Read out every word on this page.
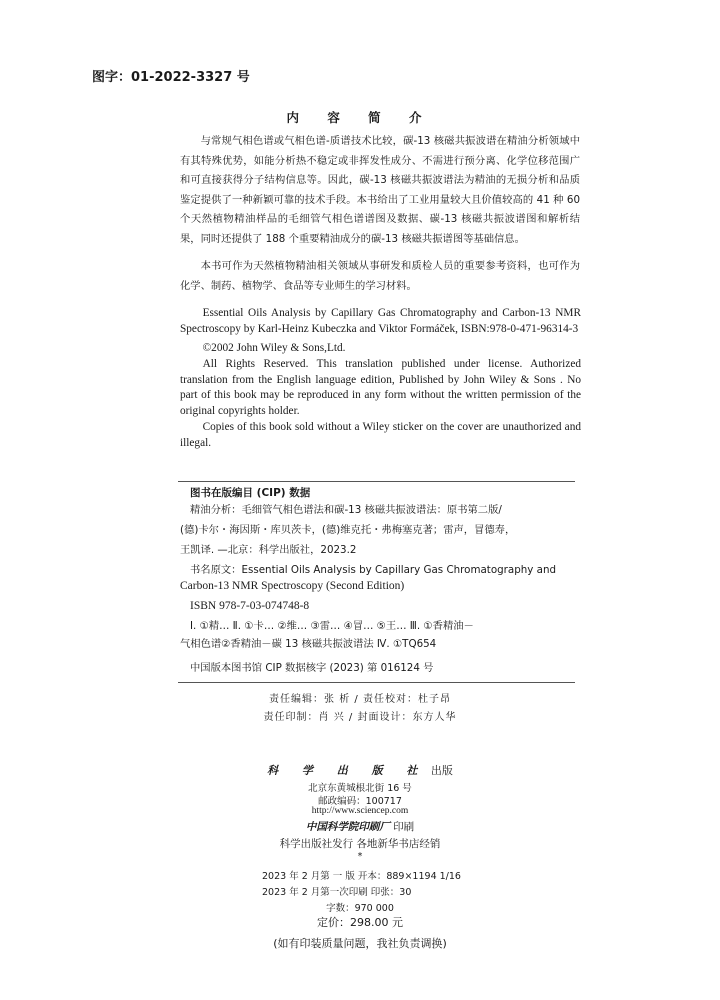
图字：01-2022-3327 号
内 容 简 介

与常规气相色谱或气相色谱-质谱技术比较，碳-13 核磁共振波谱在精油分析领域中有其特殊优势，如能分析热不稳定或非挥发性成分、不需进行预分离、化学位移范围广和可直接获得分子结构信息等。因此，碳-13 核磁共振波谱法为精油的无损分析和品质鉴定提供了一种新颖可靠的技术手段。本书给出了工业用量较大且价值较高的 41 种 60 个天然植物精油样品的毛细管气相色谱谱图及数据、碳-13 核磁共振波谱图和解析结果，同时还提供了 188 个重要精油成分的碳-13 核磁共振谱图等基础信息。

本书可作为天然植物精油相关领域从事研发和质检人员的重要参考资料，也可作为化学、制药、植物学、食品等专业师生的学习材料。

Essential Oils Analysis by Capillary Gas Chromatography and Carbon-13 NMR Spectroscopy by Karl-Heinz Kubeczka and Viktor Formáček, ISBN:978-0-471-96314-3

©2002 John Wiley & Sons,Ltd.

All Rights Reserved. This translation published under license. Authorized translation from the English language edition, Published by John Wiley & Sons . No part of this book may be reproduced in any form without the written permission of the original copyrights holder.

Copies of this book sold without a Wiley sticker on the cover are unauthorized and illegal.

图书在版编目 (CIP) 数据

精油分析：毛细管气相色谱法和碳-13 核磁共振波谱法：原书第二版/

(德)卡尔・海因斯・库贝茨卡，(德)维克托・弗梅塞克著；雷声，冒德寿，

王凯译. —北京：科学出版社，2023.2

书名原文：Essential Oils Analysis by Capillary Gas Chromatography and

Carbon-13 NMR Spectroscopy (Second Edition)

ISBN 978-7-03-074748-8

Ⅰ. ①精… Ⅱ. ①卡… ②维… ③雷… ④冒… ⑤王… Ⅲ. ①香精油－

气相色谱②香精油－碳 13 核磁共振波谱法 Ⅳ. ①TQ654

中国版本图书馆 CIP 数据核字 (2023) 第 016124 号

责任编辑：张 析 / 责任校对：杜子昂
责任印制：肖 兴 / 封面设计：东方人华
科 学 出 版 社 出版
北京东黄城根北街 16 号
邮政编码：100717
http://www.sciencep.com
中国科学院印刷厂 印刷
科学出版社发行 各地新华书店经销
*
2023 年 2 月第 一 版 开本：889×1194 1/16
2023 年 2 月第一次印刷 印张：30
字数：970 000
定价：298.00 元
(如有印装质量问题，我社负责调换)
